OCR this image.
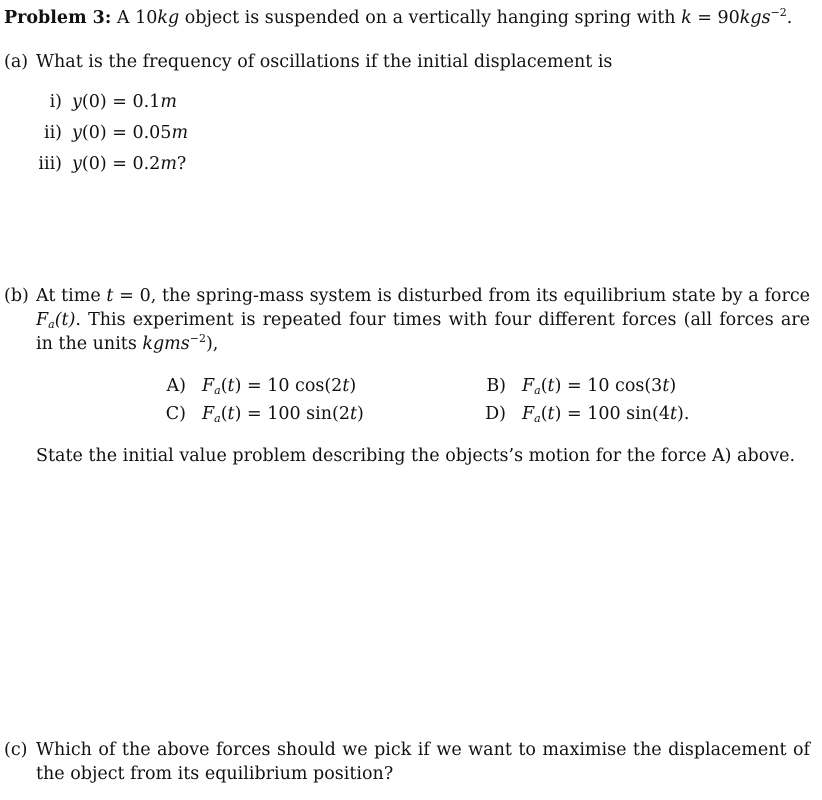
Problem 3: A 10kg object is suspended on a vertically hanging spring with k = 90kgs$^{-2}$.
(a) What is the frequency of oscillations if the initial displacement is
i) y(0) = 0.1m
ii) y(0) = 0.05m
iii) y(0) = 0.2m?
(b) At time t = 0, the spring-mass system is disturbed from its equilibrium state by a force $F_a(t)$. This experiment is repeated four times with four different forces (all forces are in the units kgms$^{-2}$),
A) $F_a(t) = 10$ cos(2t)	B) $F_a(t) = 10$ cos(3t)
C) $F_a(t) = 100$ sin(2t)	D) $F_a(t) = 100$ sin(4t).
State the initial value problem describing the objects’s motion for the force A) above.
(c) Which of the above forces should we pick if we want to maximise the displacement of the object from its equilibrium position?
